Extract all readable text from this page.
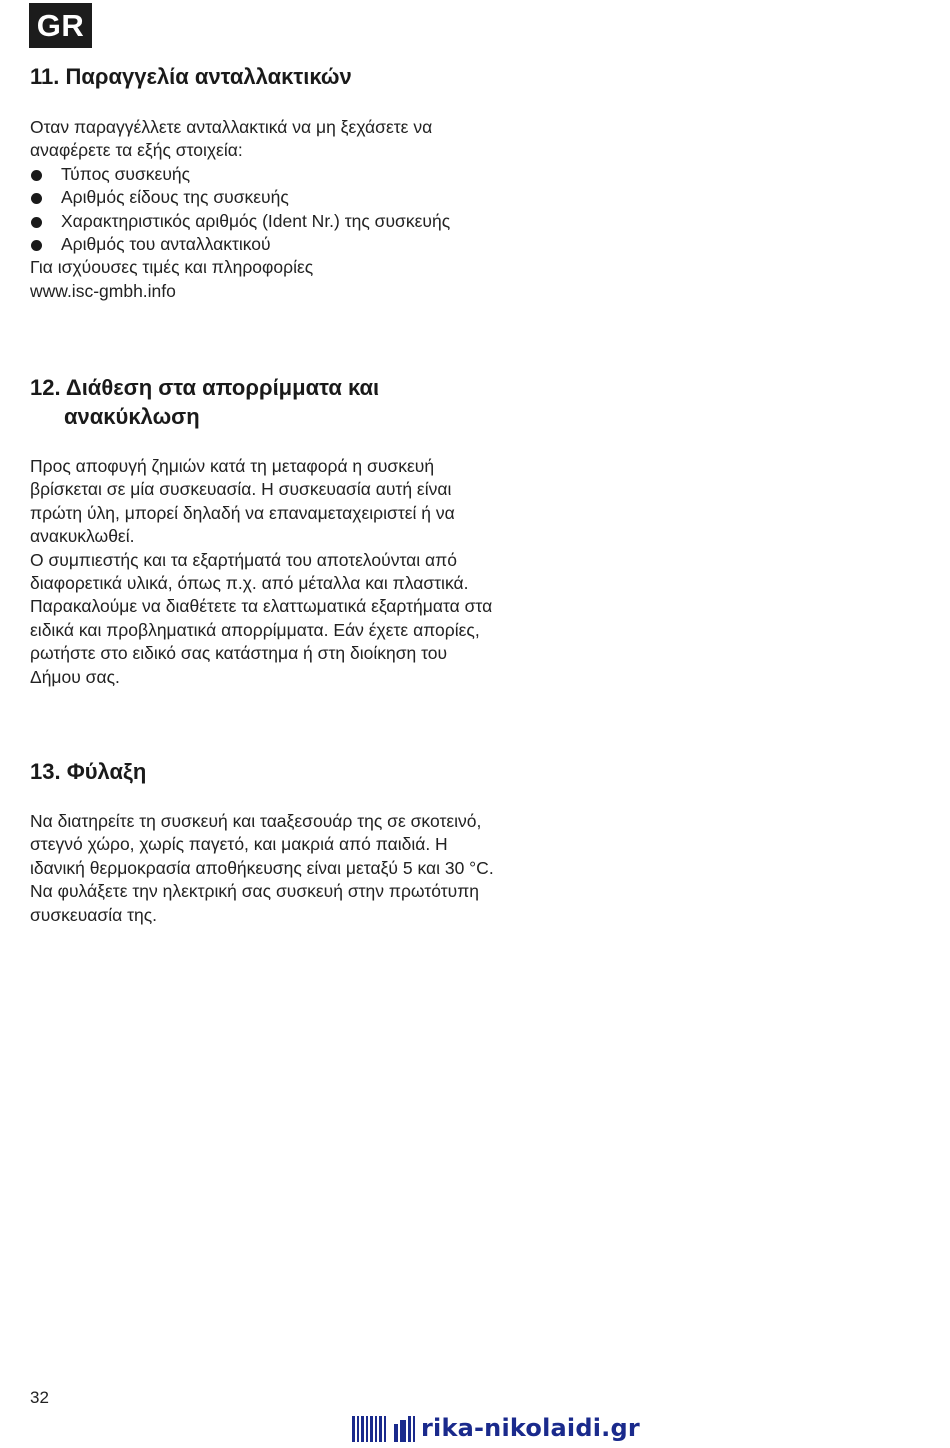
GR
11. Παραγγελία ανταλλακτικών

Οταν παραγγέλλετε ανταλλακτικά να μη ξεχάσετε να αναφέρετε τα εξής στοιχεία:

Τύπος συσκευής
Αριθμός είδους της συσκευής
Χαρακτηριστικός αριθμός (Ident Nr.) της συσκευής
Αριθμός του ανταλλακτικού

Για ισχύουσες τιμές και πληροφορίες

www.isc-gmbh.info

12. Διάθεση στα απορρίμματα και
ανακύκλωση

Προς αποφυγή ζημιών κατά τη μεταφορά η συσκευή βρίσκεται σε μία συσκευασία. Η συσκευασία αυτή είναι πρώτη ύλη, μπορεί δηλαδή να επαναμεταχειριστεί ή να ανακυκλωθεί.

Ο συμπιεστής και τα εξαρτήματά του αποτελούνται από διαφορετικά υλικά, όπως π.χ. από μέταλλα και πλαστικά. Παρακαλούμε να διαθέτετε τα ελαττωματικά εξαρτήματα στα ειδικά και προβληματικά απορρίμματα. Εάν έχετε απορίες, ρωτήστε στο ειδικό σας κατάστημα ή στη διοίκηση του Δήμου σας.

13. Φύλαξη

Να διατηρείτε τη συσκευή και ταaξεσουάρ της σε σκοτεινό, στεγνό χώρο, χωρίς παγετό, και μακριά από παιδιά. Η ιδανική θερμοκρασία αποθήκευσης είναι μεταξύ 5 και 30 °C. Να φυλάξετε την ηλεκτρική σας συσκευή στην πρωτότυπη συσκευασία της.

32
rika-nikolaidi.gr
